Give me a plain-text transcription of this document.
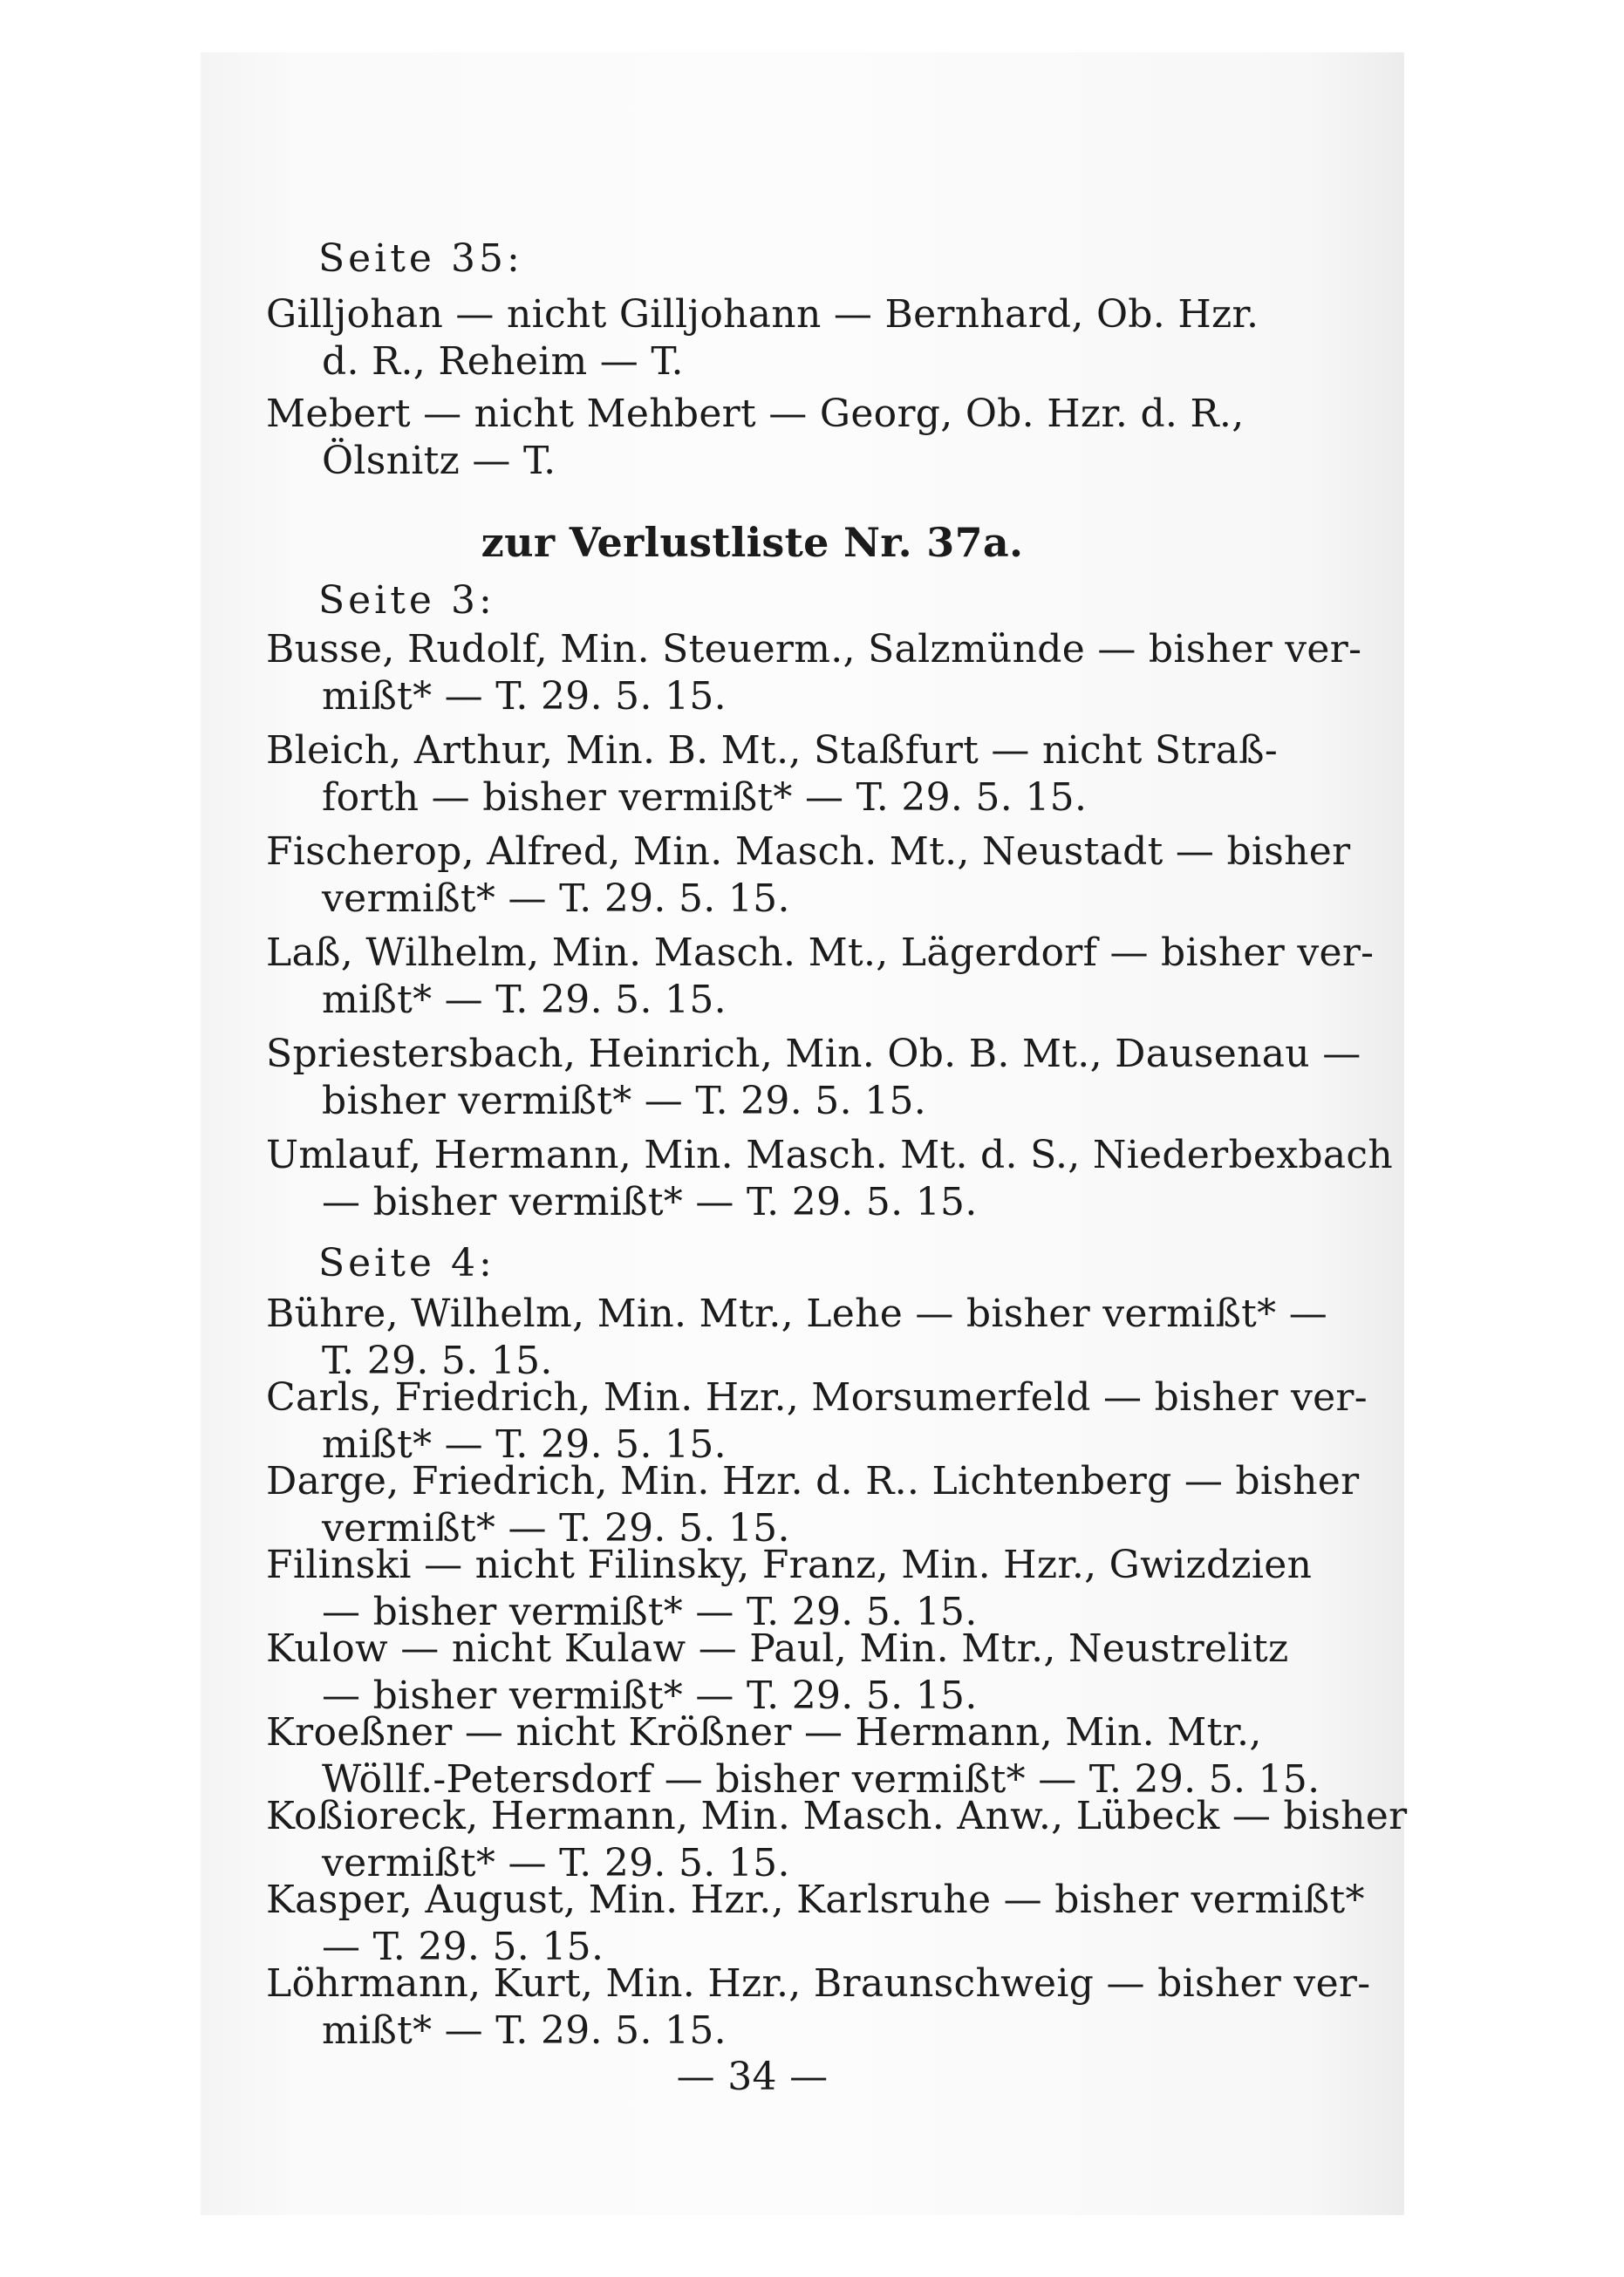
Seite 35:
Gilljohan — nicht Gilljohann — Bernhard, Ob. Hzr.
d. R., Reheim — T.
Mebert — nicht Mehbert — Georg, Ob. Hzr. d. R.,
Ölsnitz — T.
zur Verlustliste Nr. 37a.
Seite 3:
Busse, Rudolf, Min. Steuerm., Salzmünde — bisher ver-
mißt* — T. 29. 5. 15.
Bleich, Arthur, Min. B. Mt., Staßfurt — nicht Straß-
forth — bisher vermißt* — T. 29. 5. 15.
Fischerop, Alfred, Min. Masch. Mt., Neustadt — bisher
vermißt* — T. 29. 5. 15.
Laß, Wilhelm, Min. Masch. Mt., Lägerdorf — bisher ver-
mißt* — T. 29. 5. 15.
Spriestersbach, Heinrich, Min. Ob. B. Mt., Dausenau —
bisher vermißt* — T. 29. 5. 15.
Umlauf, Hermann, Min. Masch. Mt. d. S., Niederbexbach
— bisher vermißt* — T. 29. 5. 15.
Seite 4:
Bühre, Wilhelm, Min. Mtr., Lehe — bisher vermißt* —
T. 29. 5. 15.
Carls, Friedrich, Min. Hzr., Morsumerfeld — bisher ver-
mißt* — T. 29. 5. 15.
Darge, Friedrich, Min. Hzr. d. R.. Lichtenberg — bisher
vermißt* — T. 29. 5. 15.
Filinski — nicht Filinsky, Franz, Min. Hzr., Gwizdzien
— bisher vermißt* — T. 29. 5. 15.
Kulow — nicht Kulaw — Paul, Min. Mtr., Neustrelitz
— bisher vermißt* — T. 29. 5. 15.
Kroeßner — nicht Krößner — Hermann, Min. Mtr.,
Wöllf.-Petersdorf — bisher vermißt* — T. 29. 5. 15.
Koßioreck, Hermann, Min. Masch. Anw., Lübeck — bisher
vermißt* — T. 29. 5. 15.
Kasper, August, Min. Hzr., Karlsruhe — bisher vermißt*
— T. 29. 5. 15.
Löhrmann, Kurt, Min. Hzr., Braunschweig — bisher ver-
mißt* — T. 29. 5. 15.
— 34 —
